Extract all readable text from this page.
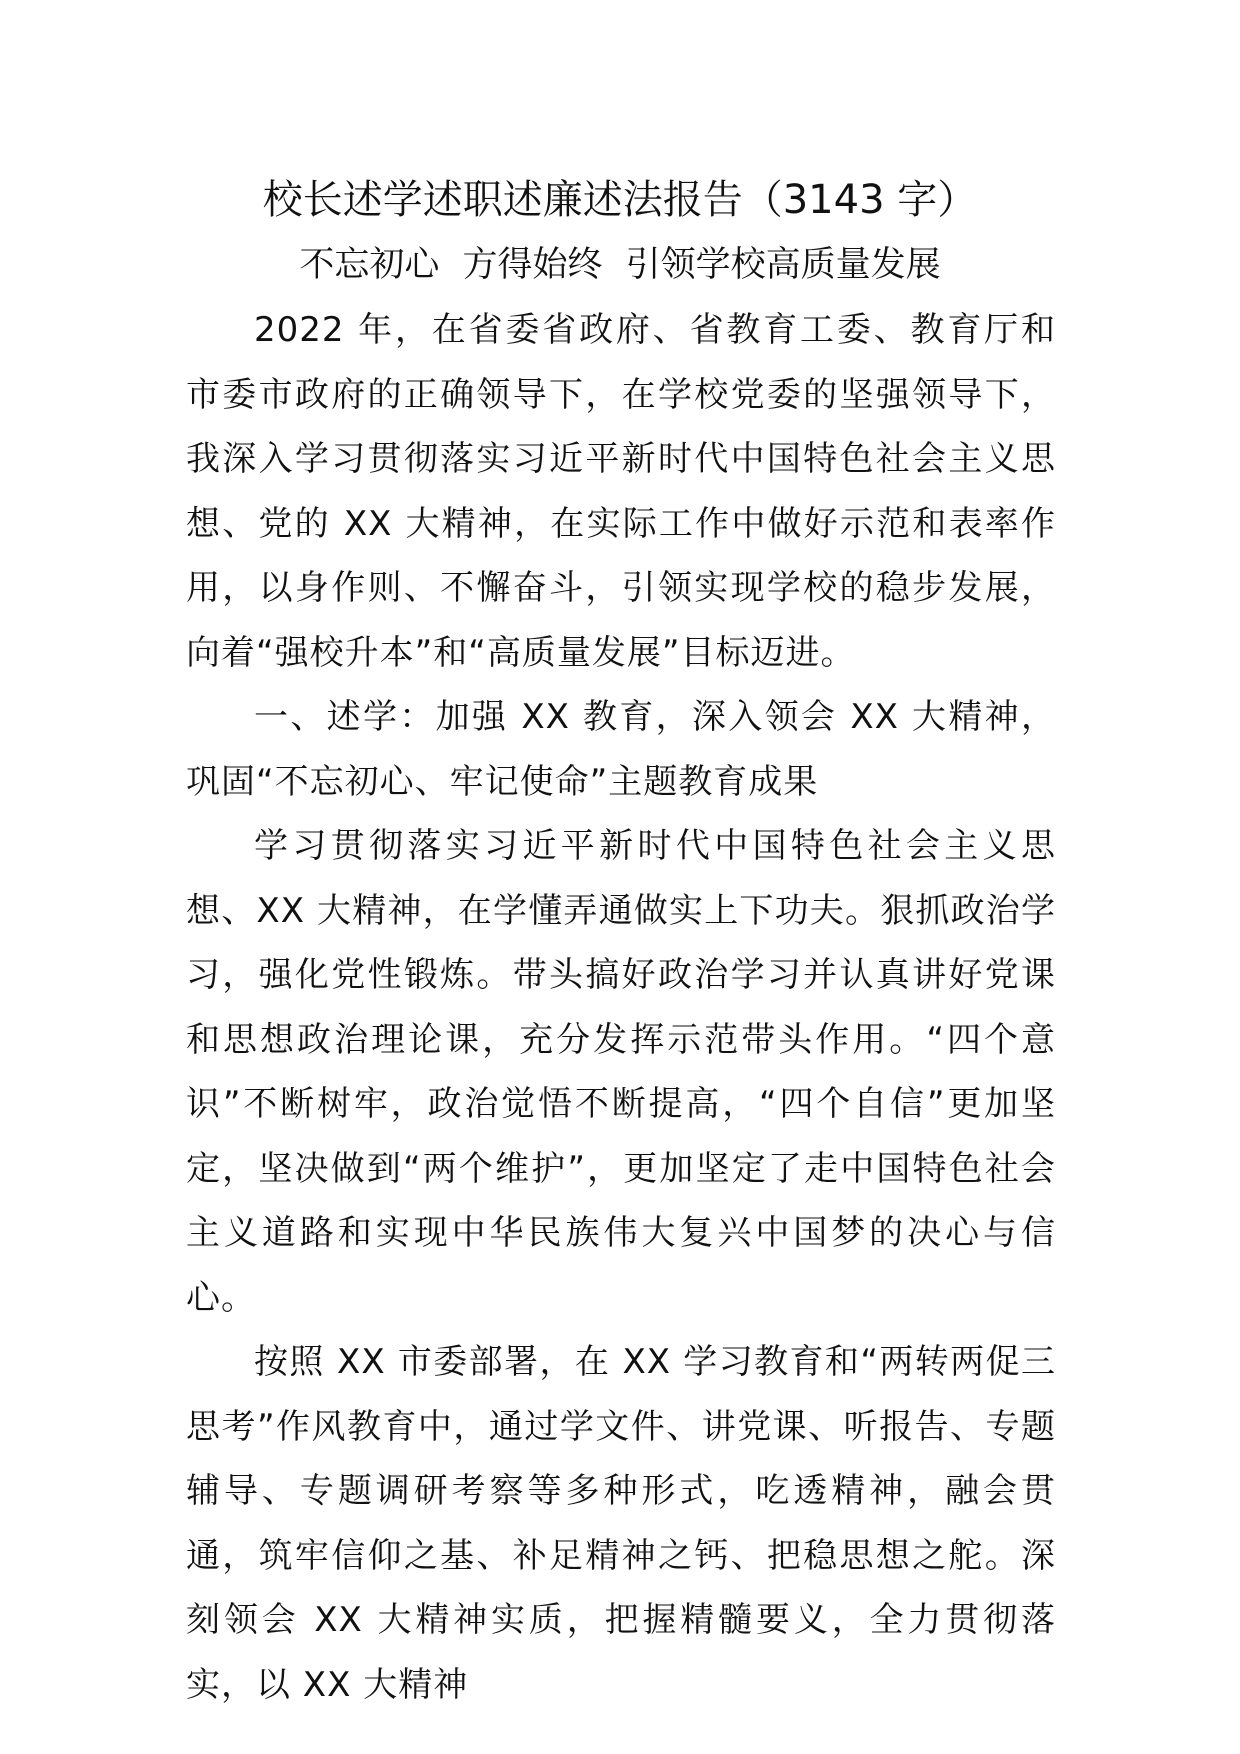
校长述学述职述廉述法报告（3143 字）
不忘初心 方得始终 引领学校高质量发展

2022 年，在省委省政府、省教育工委、教育厅和市委市政府的正确领导下，在学校党委的坚强领导下，我深入学习贯彻落实习近平新时代中国特色社会主义思想、党的 XX 大精神，在实际工作中做好示范和表率作用，以身作则、不懈奋斗，引领实现学校的稳步发展，向着“强校升本”和“高质量发展”目标迈进。

一、述学：加强 XX 教育，深入领会 XX 大精神，巩固“不忘初心、牢记使命”主题教育成果

学习贯彻落实习近平新时代中国特色社会主义思想、XX 大精神，在学懂弄通做实上下功夫。狠抓政治学习，强化党性锻炼。带头搞好政治学习并认真讲好党课和思想政治理论课，充分发挥示范带头作用。“四个意识”不断树牢，政治觉悟不断提高，“四个自信”更加坚定，坚决做到“两个维护”，更加坚定了走中国特色社会主义道路和实现中华民族伟大复兴中国梦的决心与信心。

按照 XX 市委部署，在 XX 学习教育和“两转两促三思考”作风教育中，通过学文件、讲党课、听报告、专题辅导、专题调研考察等多种形式，吃透精神，融会贯通，筑牢信仰之基、补足精神之钙、把稳思想之舵。深刻领会 XX 大精神实质，把握精髓要义，全力贯彻落实，以 XX 大精神
